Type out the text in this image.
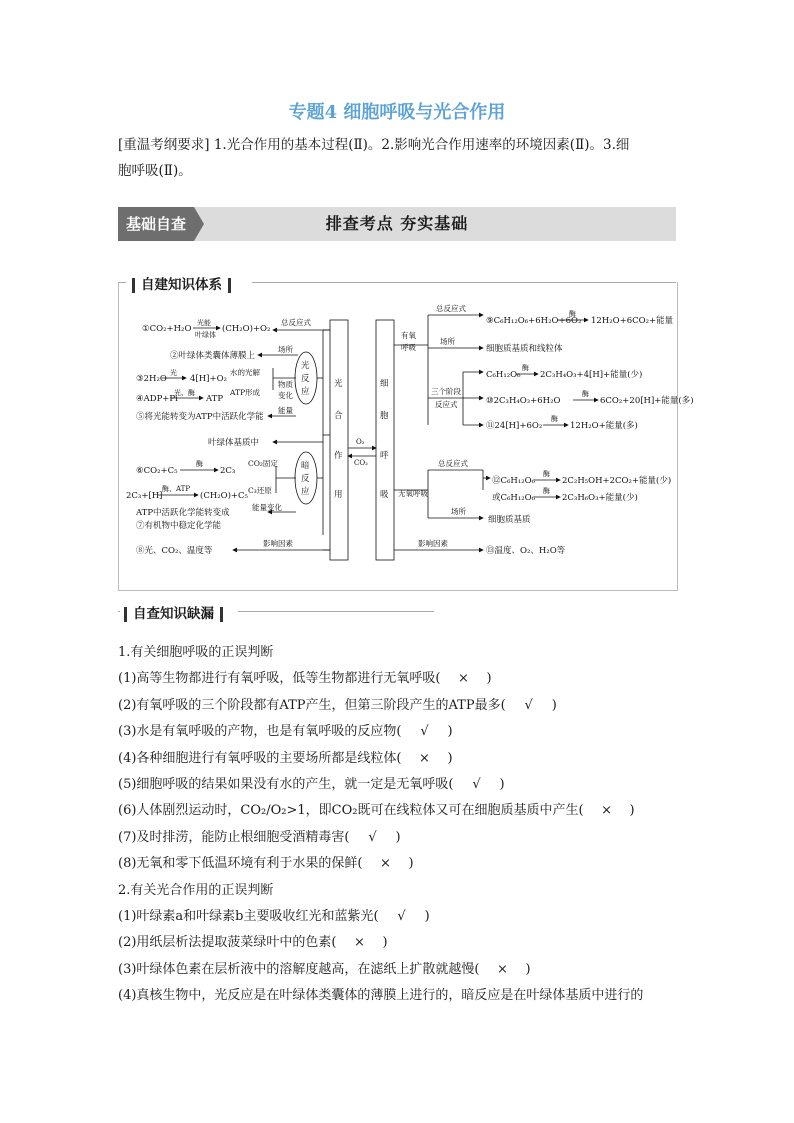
专题4 细胞呼吸与光合作用
[重温考纲要求] 1.光合作用的基本过程(Ⅱ)。2.影响光合作用速率的环境因素(Ⅱ)。3.细
胞呼吸(Ⅱ)。
基础自查	排查考点 夯实基础
自建知识体系
①CO₂+H₂O
光能
叶绿体
(CH₂O)+O₂
总反应式
②叶绿体类囊体薄膜上
场所
③2H₂O
光
4[H]+O₂
水的光解
物质
变化
④ADP+Pi
光、酶
ATP
ATP形成
⑤将光能转变为ATP中活跃化学能
能量
光
反
应
叶绿体基质中
⑥CO₂+C₅
酶
2C₃
CO₂固定
2C₃+[H]
酶、ATP
(CH₂O)+C₅
C₃还原
能量变化
ATP中活跃化学能转变成
⑦有机物中稳定化学能
暗
反
应
⑧光、CO₂、温度等
影响因素
光
合
作
用
细
胞
呼
吸
O₂
CO₂
有氧
呼吸
总反应式
⑨C₆H₁₂O₆+6H₂O+6O₂
酶
12H₂O+6CO₂+能量
场所
细胞质基质和线粒体
C₆H₁₂O₆
酶
2C₃H₄O₃+4[H]+能量(少)
三个阶段
反应式	⑩2C₃H₄O₃+6H₂O
酶
6CO₂+20[H]+能量(多)
⑪24[H]+6O₂
酶
12H₂O+能量(多)
无氧呼吸
总反应式
⑫C₆H₁₂O₆
酶
2C₂H₅OH+2CO₂+能量(少)
或C₆H₁₂O₆
酶
2C₃H₆O₃+能量(少)
场所
细胞质基质
影响因素
⑬温度、O₂、H₂O等
自查知识缺漏
1.有关细胞呼吸的正误判断
(1)高等生物都进行有氧呼吸，低等生物都进行无氧呼吸( × )
(2)有氧呼吸的三个阶段都有ATP产生，但第三阶段产生的ATP最多( √ )
(3)水是有氧呼吸的产物，也是有氧呼吸的反应物( √ )
(4)各种细胞进行有氧呼吸的主要场所都是线粒体( × )
(5)细胞呼吸的结果如果没有水的产生，就一定是无氧呼吸( √ )
(6)人体剧烈运动时，CO₂/O₂>1，即CO₂既可在线粒体又可在细胞质基质中产生( × )
(7)及时排涝，能防止根细胞受酒精毒害( √ )
(8)无氧和零下低温环境有利于水果的保鲜( × )
2.有关光合作用的正误判断
(1)叶绿素a和叶绿素b主要吸收红光和蓝紫光( √ )
(2)用纸层析法提取菠菜绿叶中的色素( × )
(3)叶绿体色素在层析液中的溶解度越高，在滤纸上扩散就越慢( × )
(4)真核生物中，光反应是在叶绿体类囊体的薄膜上进行的，暗反应是在叶绿体基质中进行的
